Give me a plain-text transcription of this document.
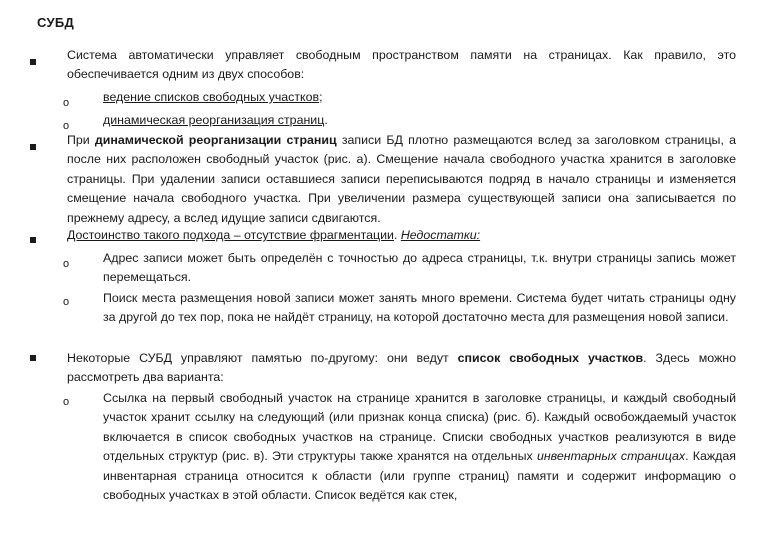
СУБД
Система автоматически управляет свободным пространством памяти на страницах. Как правило, это обеспечивается одним из двух способов:
o	ведение списков свободных участков;
o	динамическая реорганизация страниц.
При динамической реорганизации страниц записи БД плотно размещаются вслед за заголовком страницы, а после них расположен свободный участок (рис. а). Смещение начала свободного участка хранится в заголовке страницы. При удалении записи оставшиеся записи переписываются подряд в начало страницы и изменяется смещение начала свободного участка. При увеличении размера существующей записи она записывается по прежнему адресу, а вслед идущие записи сдвигаются.
Достоинство такого подхода – отсутствие фрагментации. Недостатки:
o	Адрес записи может быть определён с точностью до адреса страницы, т.к. внутри страницы запись может перемещаться.
o	Поиск места размещения новой записи может занять много времени. Система будет читать страницы одну за другой до тех пор, пока не найдёт страницу, на которой достаточно места для размещения новой записи.
Некоторые СУБД управляют памятью по-другому: они ведут список свободных участков. Здесь можно рассмотреть два варианта:
o	Ссылка на первый свободный участок на странице хранится в заголовке страницы, и каждый свободный участок хранит ссылку на следующий (или признак конца списка) (рис. б). Каждый освобождаемый участок включается в список свободных участков на странице. Списки свободных участков реализуются в виде отдельных структур (рис. в). Эти структуры также хранятся на отдельных инвентарных страницах. Каждая инвентарная страница относится к области (или группе страниц) памяти и содержит информацию о свободных участках в этой области. Список ведётся как стек,
